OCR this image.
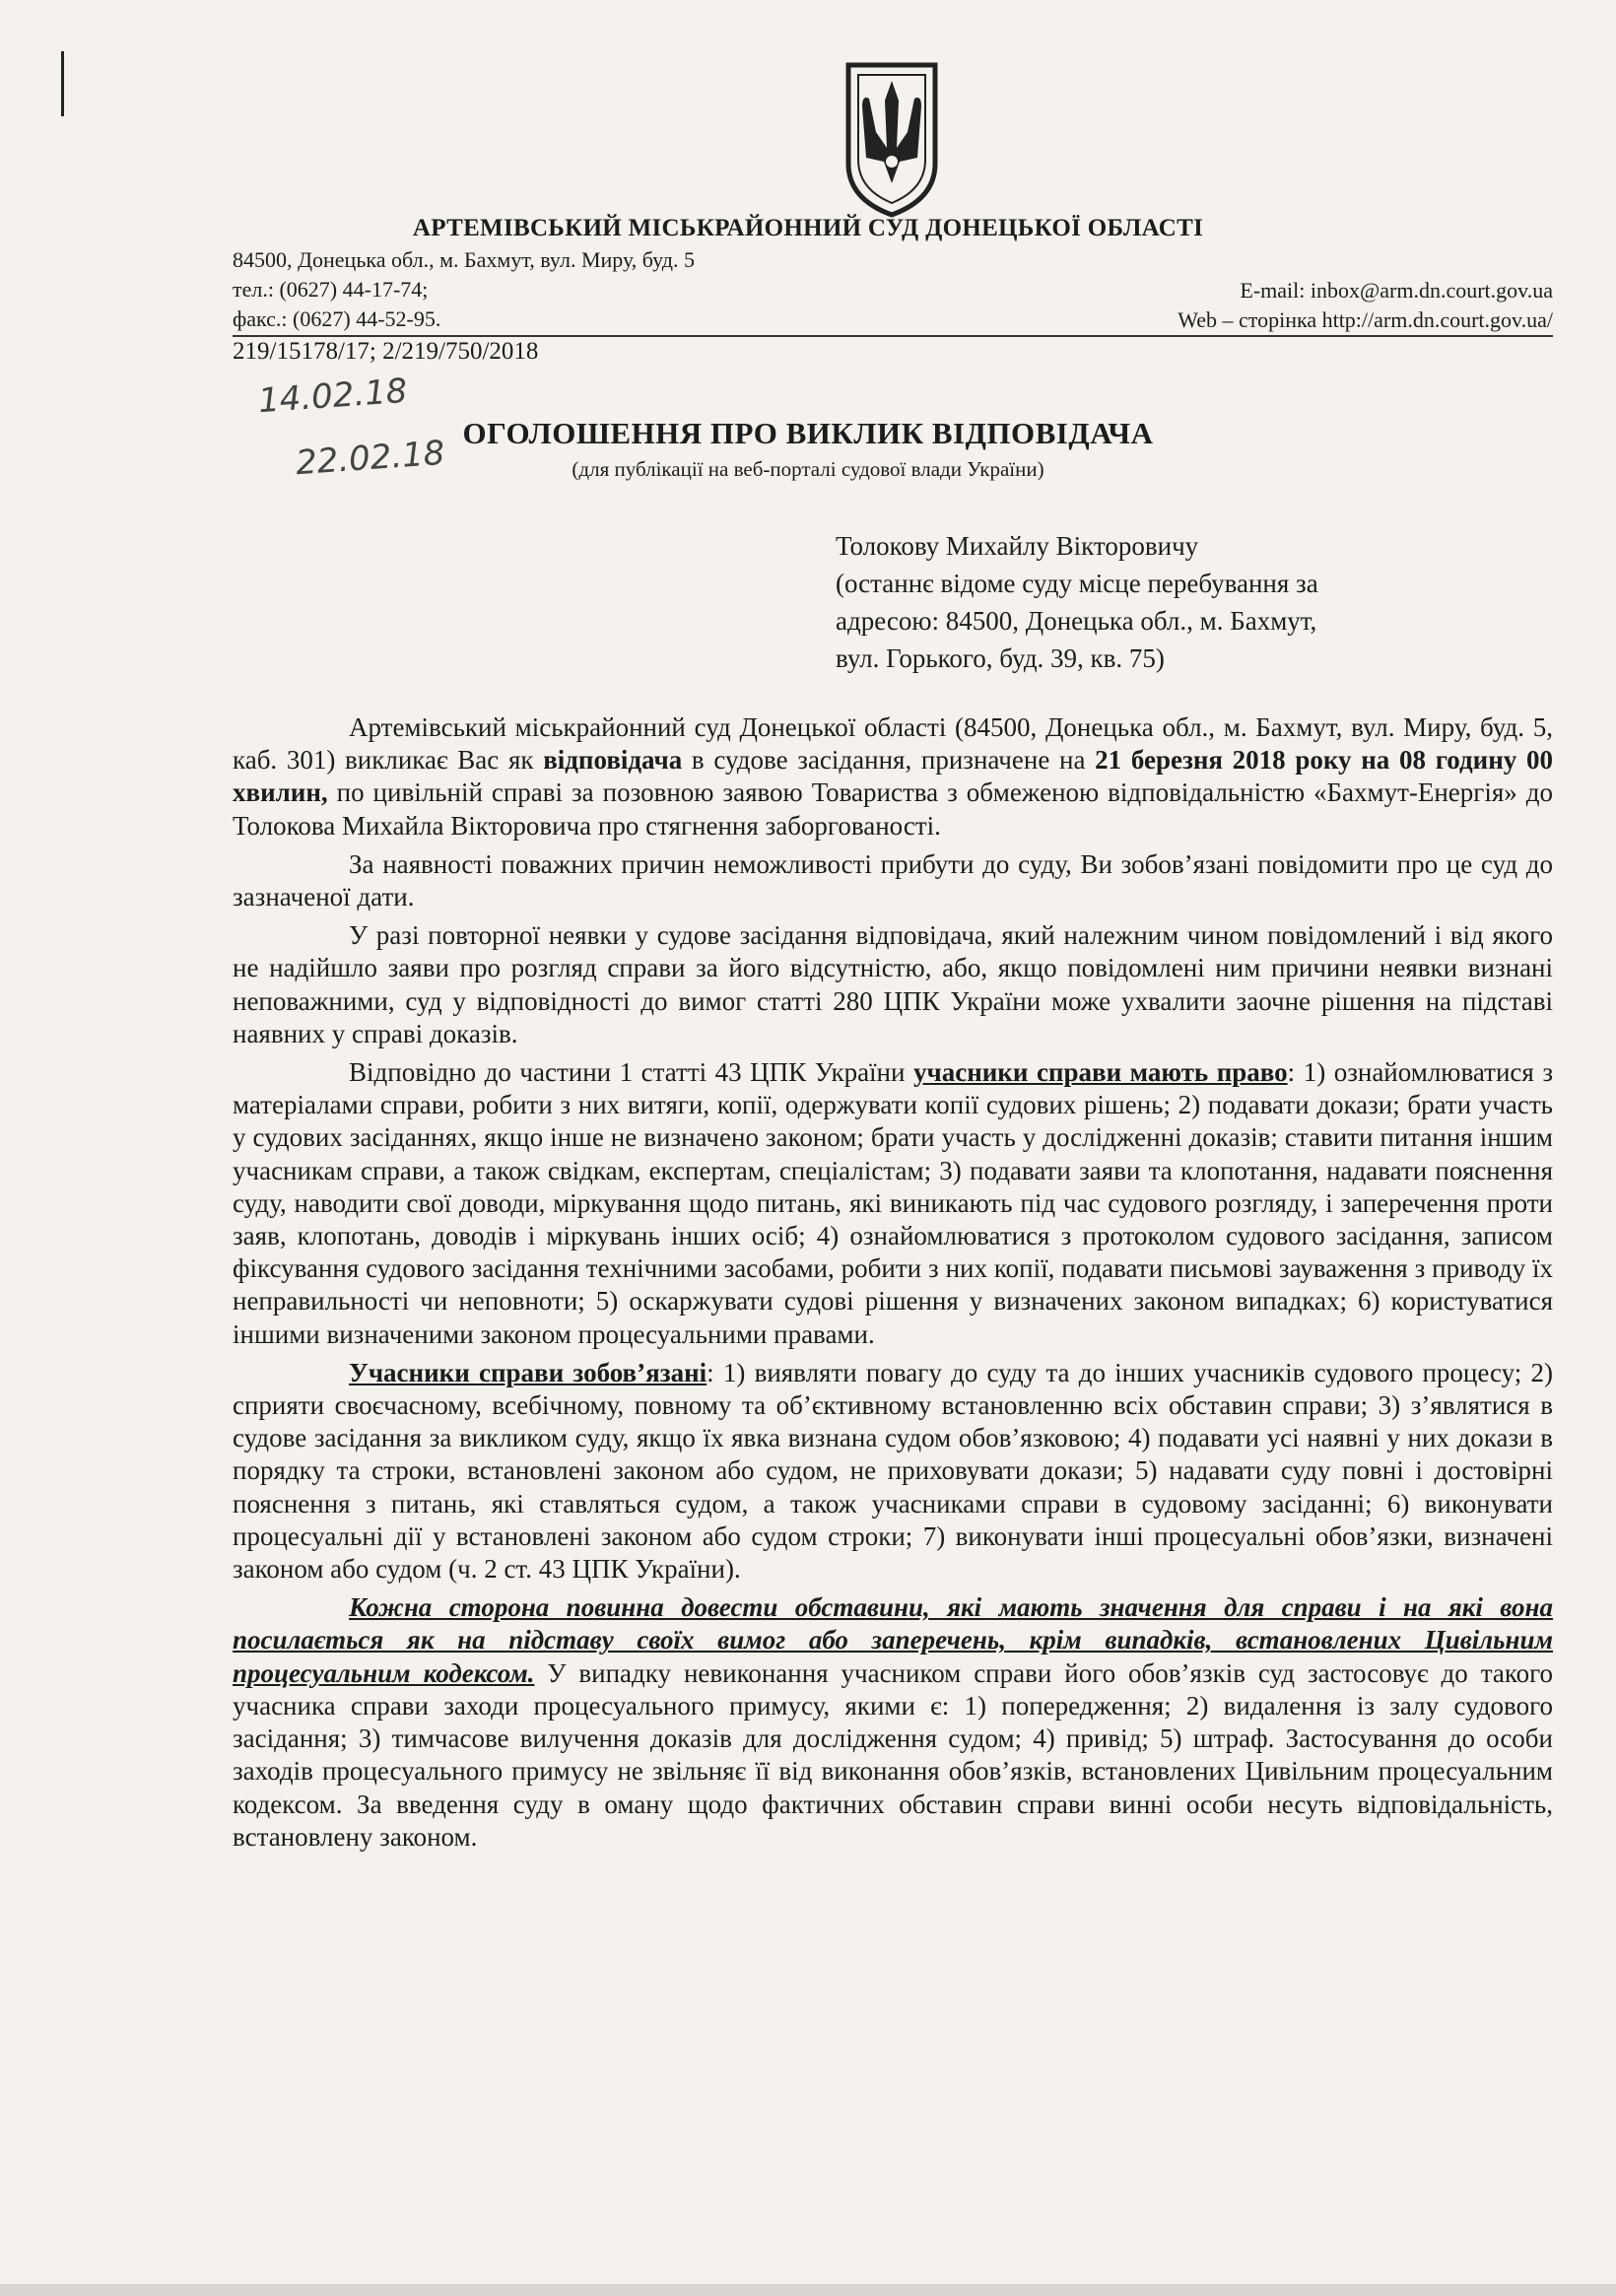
АРТЕМІВСЬКИЙ МІСЬКРАЙОННИЙ СУД ДОНЕЦЬКОЇ ОБЛАСТІ
84500, Донецька обл., м. Бахмут, вул. Миру, буд. 5
тел.: (0627) 44-17-74;
факс.: (0627) 44-52-95.
E-mail: inbox@arm.dn.court.gov.ua
Web – сторінка http://arm.dn.court.gov.ua/
219/15178/17; 2/219/750/2018
14.02.18
22.02.18
ОГОЛОШЕННЯ ПРО ВИКЛИК ВІДПОВІДАЧА
(для публікації на веб-порталі судової влади України)
Толокову Михайлу Вікторовичу
(останнє відоме суду місце перебування за
адресою: 84500, Донецька обл., м. Бахмут,
вул. Горького, буд. 39, кв. 75)

Артемівський міськрайонний суд Донецької області (84500, Донецька обл., м. Бахмут, вул. Миру, буд. 5, каб. 301) викликає Вас як відповідача в судове засідання, призначене на 21 березня 2018 року на 08 годину 00 хвилин, по цивільній справі за позовною заявою Товариства з обмеженою відповідальністю «Бахмут-Енергія» до Толокова Михайла Вікторовича про стягнення заборгованості.

За наявності поважних причин неможливості прибути до суду, Ви зобов’язані повідомити про це суд до зазначеної дати.

У разі повторної неявки у судове засідання відповідача, який належним чином повідомлений і від якого не надійшло заяви про розгляд справи за його відсутністю, або, якщо повідомлені ним причини неявки визнані неповажними, суд у відповідності до вимог статті 280 ЦПК України може ухвалити заочне рішення на підставі наявних у справі доказів.

Відповідно до частини 1 статті 43 ЦПК України учасники справи мають право: 1) ознайомлюватися з матеріалами справи, робити з них витяги, копії, одержувати копії судових рішень; 2) подавати докази; брати участь у судових засіданнях, якщо інше не визначено законом; брати участь у дослідженні доказів; ставити питання іншим учасникам справи, а також свідкам, експертам, спеціалістам; 3) подавати заяви та клопотання, надавати пояснення суду, наводити свої доводи, міркування щодо питань, які виникають під час судового розгляду, і заперечення проти заяв, клопотань, доводів і міркувань інших осіб; 4) ознайомлюватися з протоколом судового засідання, записом фіксування судового засідання технічними засобами, робити з них копії, подавати письмові зауваження з приводу їх неправильності чи неповноти; 5) оскаржувати судові рішення у визначених законом випадках; 6) користуватися іншими визначеними законом процесуальними правами.

Учасники справи зобов’язані: 1) виявляти повагу до суду та до інших учасників судового процесу; 2) сприяти своєчасному, всебічному, повному та об’єктивному встановленню всіх обставин справи; 3) з’являтися в судове засідання за викликом суду, якщо їх явка визнана судом обов’язковою; 4) подавати усі наявні у них докази в порядку та строки, встановлені законом або судом, не приховувати докази; 5) надавати суду повні і достовірні пояснення з питань, які ставляться судом, а також учасниками справи в судовому засіданні; 6) виконувати процесуальні дії у встановлені законом або судом строки; 7) виконувати інші процесуальні обов’язки, визначені законом або судом (ч. 2 ст. 43 ЦПК України).

Кожна сторона повинна довести обставини, які мають значення для справи і на які вона посилається як на підставу своїх вимог або заперечень, крім випадків, встановлених Цивільним процесуальним кодексом. У випадку невиконання учасником справи його обов’язків суд застосовує до такого учасника справи заходи процесуального примусу, якими є: 1) попередження; 2) видалення із залу судового засідання; 3) тимчасове вилучення доказів для дослідження судом; 4) привід; 5) штраф. Застосування до особи заходів процесуального примусу не звільняє її від виконання обов’язків, встановлених Цивільним процесуальним кодексом. За введення суду в оману щодо фактичних обставин справи винні особи несуть відповідальність, встановлену законом.
